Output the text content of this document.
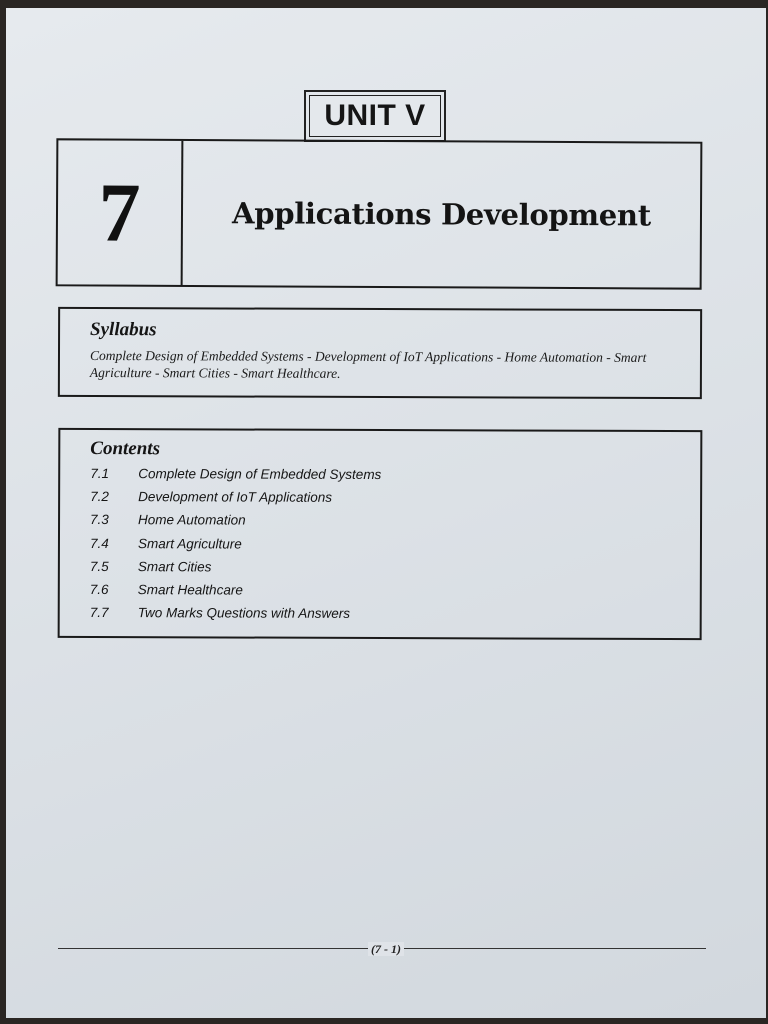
UNIT V
7	Applications Development
Syllabus
Complete Design of Embedded Systems - Development of IoT Applications - Home Automation - Smart Agriculture - Smart Cities - Smart Healthcare.
Contents
7.1	Complete Design of Embedded Systems
7.2	Development of IoT Applications
7.3	Home Automation
7.4	Smart Agriculture
7.5	Smart Cities
7.6	Smart Healthcare
7.7	Two Marks Questions with Answers
(7 - 1)
